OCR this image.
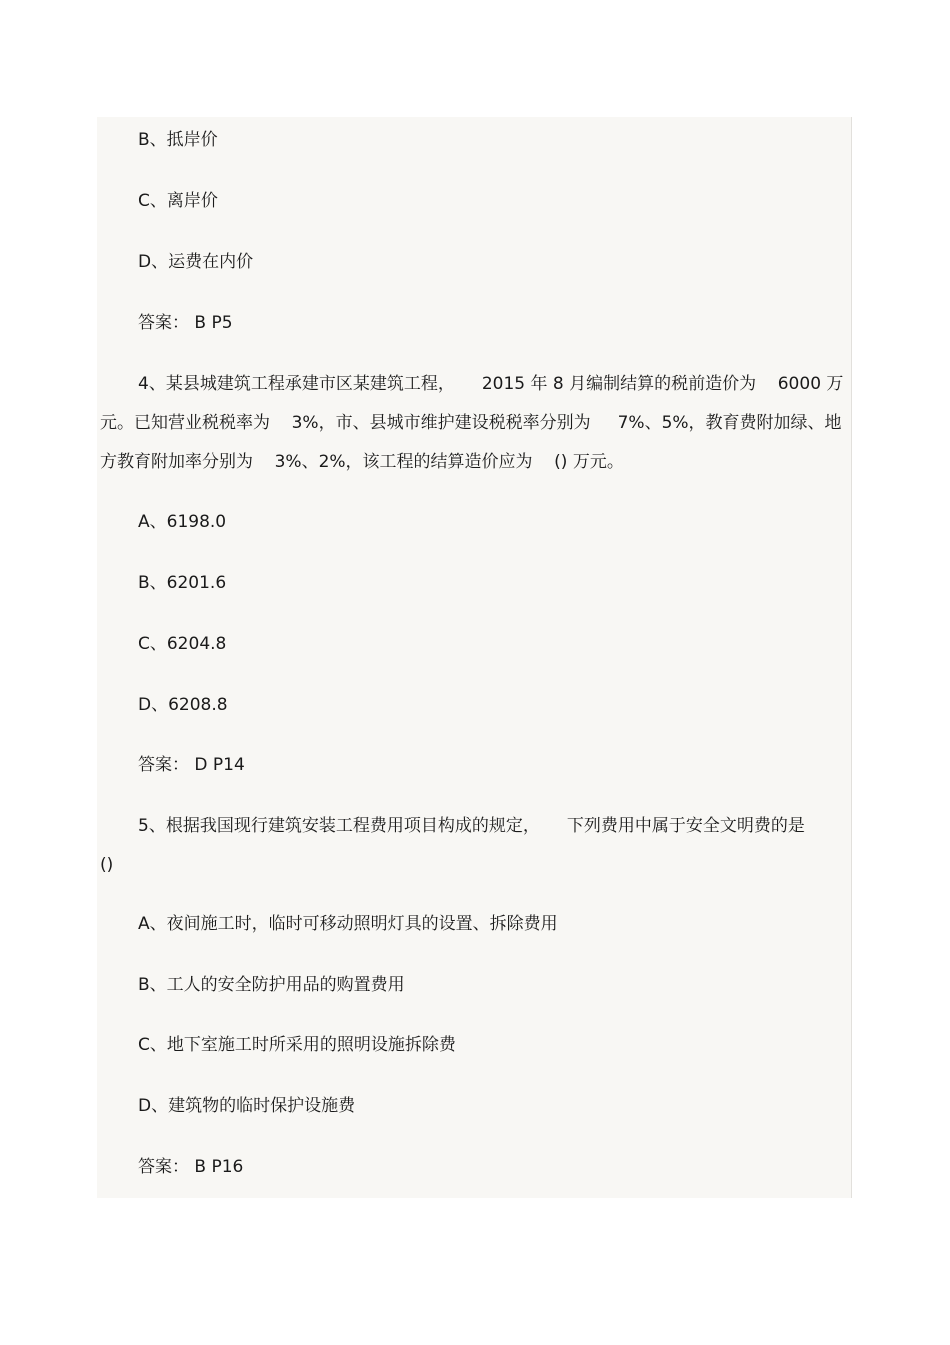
B、抵岸价

C、离岸价

D、运费在内价

答案： B P5

4、某县城建筑工程承建市区某建筑工程，     2015 年 8 月编制结算的税前造价为    6000 万

元。已知营业税税率为    3%，市、县城市维护建设税税率分别为     7%、5%，教育费附加绿、地

方教育附加率分别为    3%、2%，该工程的结算造价应为    () 万元。

A、6198.0

B、6201.6

C、6204.8

D、6208.8

答案： D P14

5、根据我国现行建筑安装工程费用项目构成的规定，     下列费用中属于安全文明费的是

()

A、夜间施工时，临时可移动照明灯具的设置、拆除费用

B、工人的安全防护用品的购置费用

C、地下室施工时所采用的照明设施拆除费

D、建筑物的临时保护设施费

答案： B P16
